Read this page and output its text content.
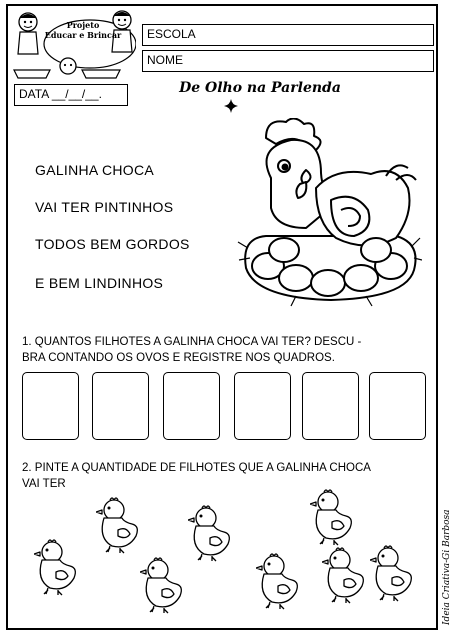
Projeto
Educar e Brincar	ESCOLA
NOME
DATA __/__/__.	De Olho na Parlenda
GALINHA CHOCA
VAI TER PINTINHOS
TODOS BEM GORDOS
E BEM LINDINHOS
1. QUANTOS FILHOTES A GALINHA CHOCA VAI TER? DESCU -
BRA CONTANDO OS OVOS E REGISTRE NOS QUADROS.
2. PINTE A QUANTIDADE DE FILHOTES QUE A GALINHA CHOCA
VAI TER
Ideia Criativa-Gi Barbosa
